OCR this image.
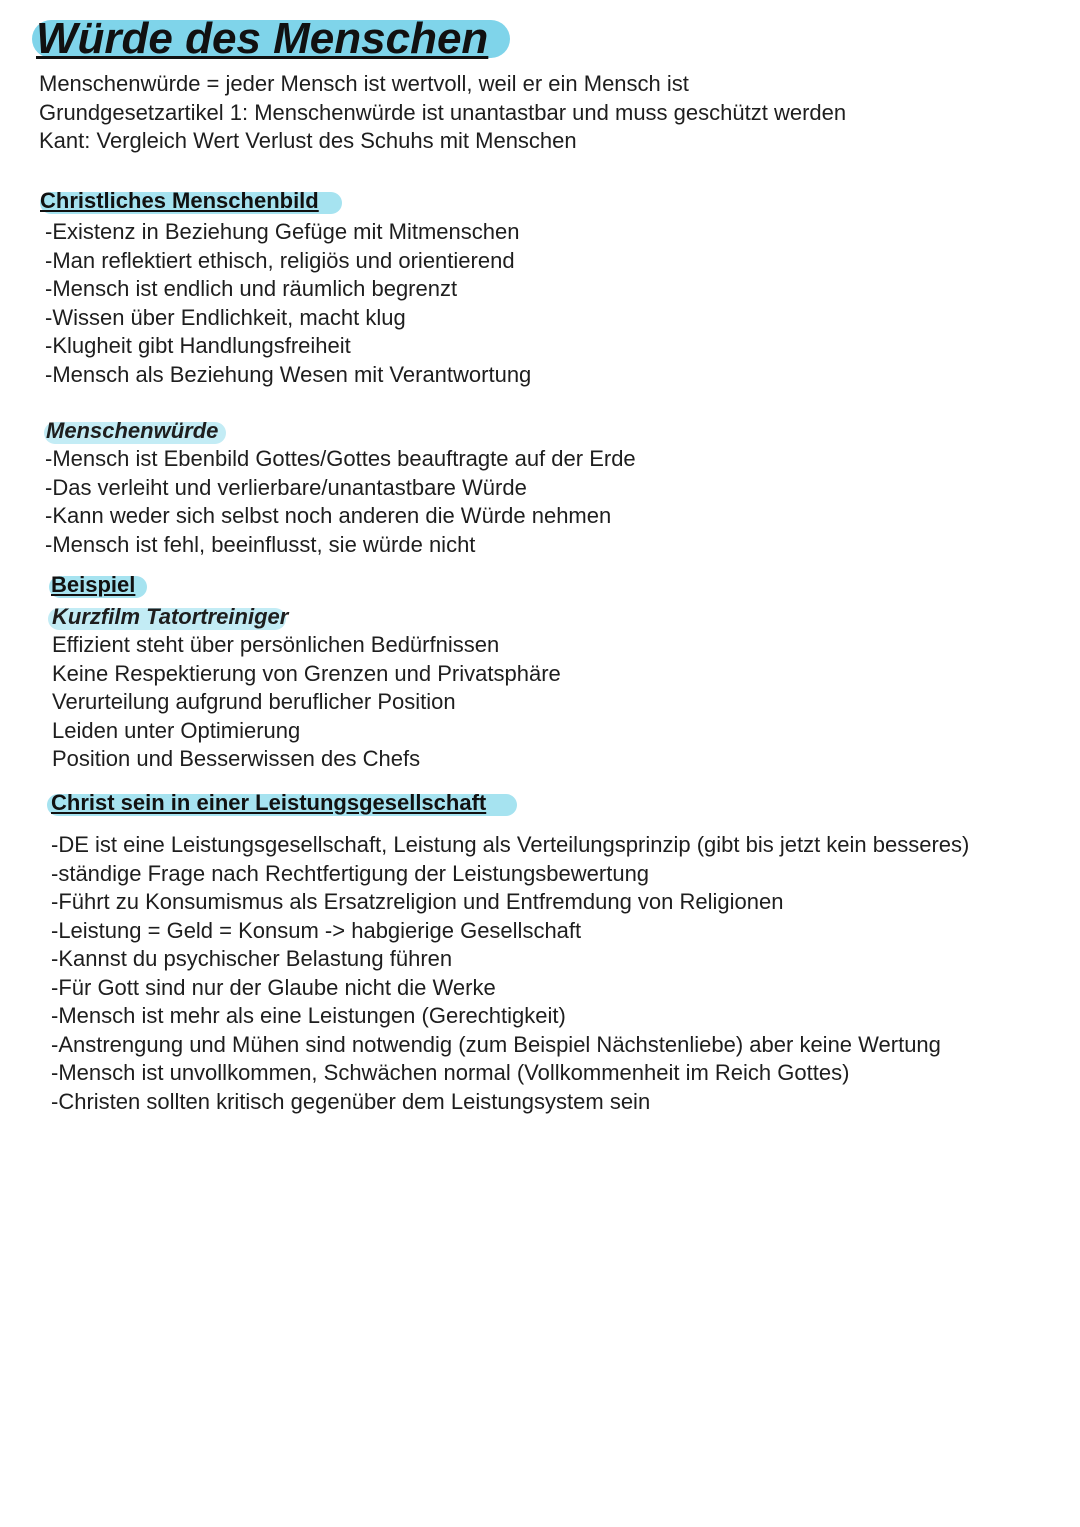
Würde des Menschen
Menschenwürde = jeder Mensch ist wertvoll, weil er ein Mensch ist
Grundgesetzartikel 1: Menschenwürde ist unantastbar und muss geschützt werden
Kant: Vergleich Wert Verlust des Schuhs mit Menschen
Christliches Menschenbild
-Existenz in Beziehung Gefüge mit Mitmenschen
-Man reflektiert ethisch, religiös und orientierend
-Mensch ist endlich und räumlich begrenzt
-Wissen über Endlichkeit, macht klug
-Klugheit gibt Handlungsfreiheit
-Mensch als Beziehung Wesen mit Verantwortung
Menschenwürde
-Mensch ist Ebenbild Gottes/Gottes beauftragte auf der Erde
-Das verleiht und verlierbare/unantastbare Würde
-Kann weder sich selbst noch anderen die Würde nehmen
-Mensch ist fehl, beeinflusst, sie würde nicht
Beispiel
Kurzfilm Tatortreiniger
Effizient steht über persönlichen Bedürfnissen
Keine Respektierung von Grenzen und Privatsphäre
Verurteilung aufgrund beruflicher Position
Leiden unter Optimierung
Position und Besserwissen des Chefs
Christ sein in einer Leistungsgesellschaft
-DE ist eine Leistungsgesellschaft, Leistung als Verteilungsprinzip (gibt bis jetzt kein besseres)
-ständige Frage nach Rechtfertigung der Leistungsbewertung
-Führt zu Konsumismus als Ersatzreligion und Entfremdung von Religionen
-Leistung = Geld = Konsum -> habgierige Gesellschaft
-Kannst du psychischer Belastung führen
-Für Gott sind nur der Glaube nicht die Werke
-Mensch ist mehr als eine Leistungen (Gerechtigkeit)
-Anstrengung und Mühen sind notwendig (zum Beispiel Nächstenliebe) aber keine Wertung
-Mensch ist unvollkommen, Schwächen normal (Vollkommenheit im Reich Gottes)
-Christen sollten kritisch gegenüber dem Leistungsystem sein
